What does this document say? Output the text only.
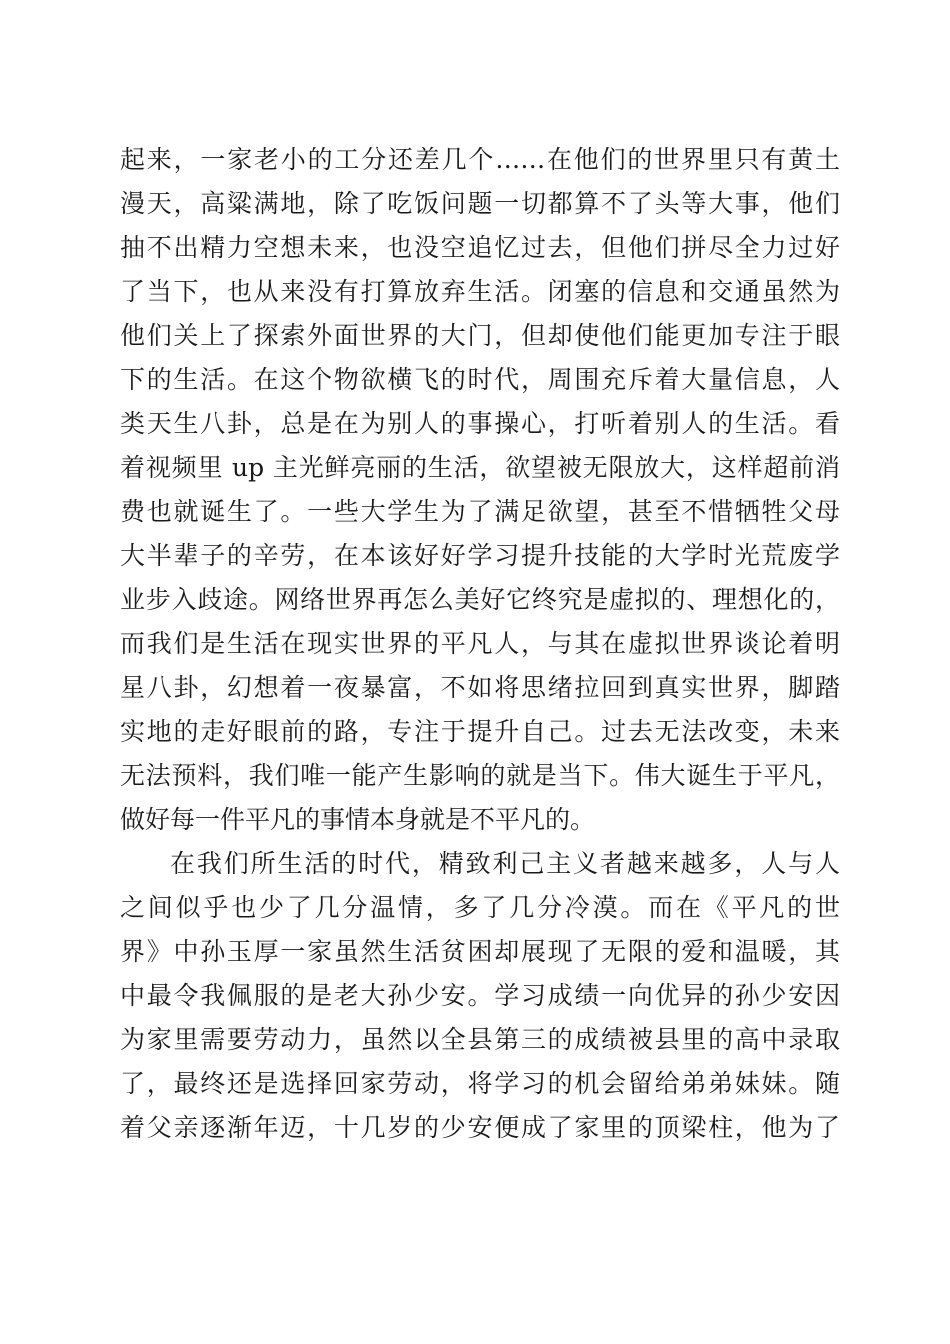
起来，一家老小的工分还差几个……在他们的世界里只有黄土
漫天，高粱满地，除了吃饭问题一切都算不了头等大事，他们
抽不出精力空想未来，也没空追忆过去，但他们拼尽全力过好
了当下，也从来没有打算放弃生活。闭塞的信息和交通虽然为
他们关上了探索外面世界的大门，但却使他们能更加专注于眼
下的生活。在这个物欲横飞的时代，周围充斥着大量信息，人
类天生八卦，总是在为别人的事操心，打听着别人的生活。看
着视频里 up 主光鲜亮丽的生活，欲望被无限放大，这样超前消
费也就诞生了。一些大学生为了满足欲望，甚至不惜牺牲父母
大半辈子的辛劳，在本该好好学习提升技能的大学时光荒废学
业步入歧途。网络世界再怎么美好它终究是虚拟的、理想化的，
而我们是生活在现实世界的平凡人，与其在虚拟世界谈论着明
星八卦，幻想着一夜暴富，不如将思绪拉回到真实世界，脚踏
实地的走好眼前的路，专注于提升自己。过去无法改变，未来
无法预料，我们唯一能产生影响的就是当下。伟大诞生于平凡，
做好每一件平凡的事情本身就是不平凡的。
在我们所生活的时代，精致利己主义者越来越多，人与人
之间似乎也少了几分温情，多了几分冷漠。而在《平凡的世
界》中孙玉厚一家虽然生活贫困却展现了无限的爱和温暖，其
中最令我佩服的是老大孙少安。学习成绩一向优异的孙少安因
为家里需要劳动力，虽然以全县第三的成绩被县里的高中录取
了，最终还是选择回家劳动，将学习的机会留给弟弟妹妹。随
着父亲逐渐年迈，十几岁的少安便成了家里的顶梁柱，他为了
